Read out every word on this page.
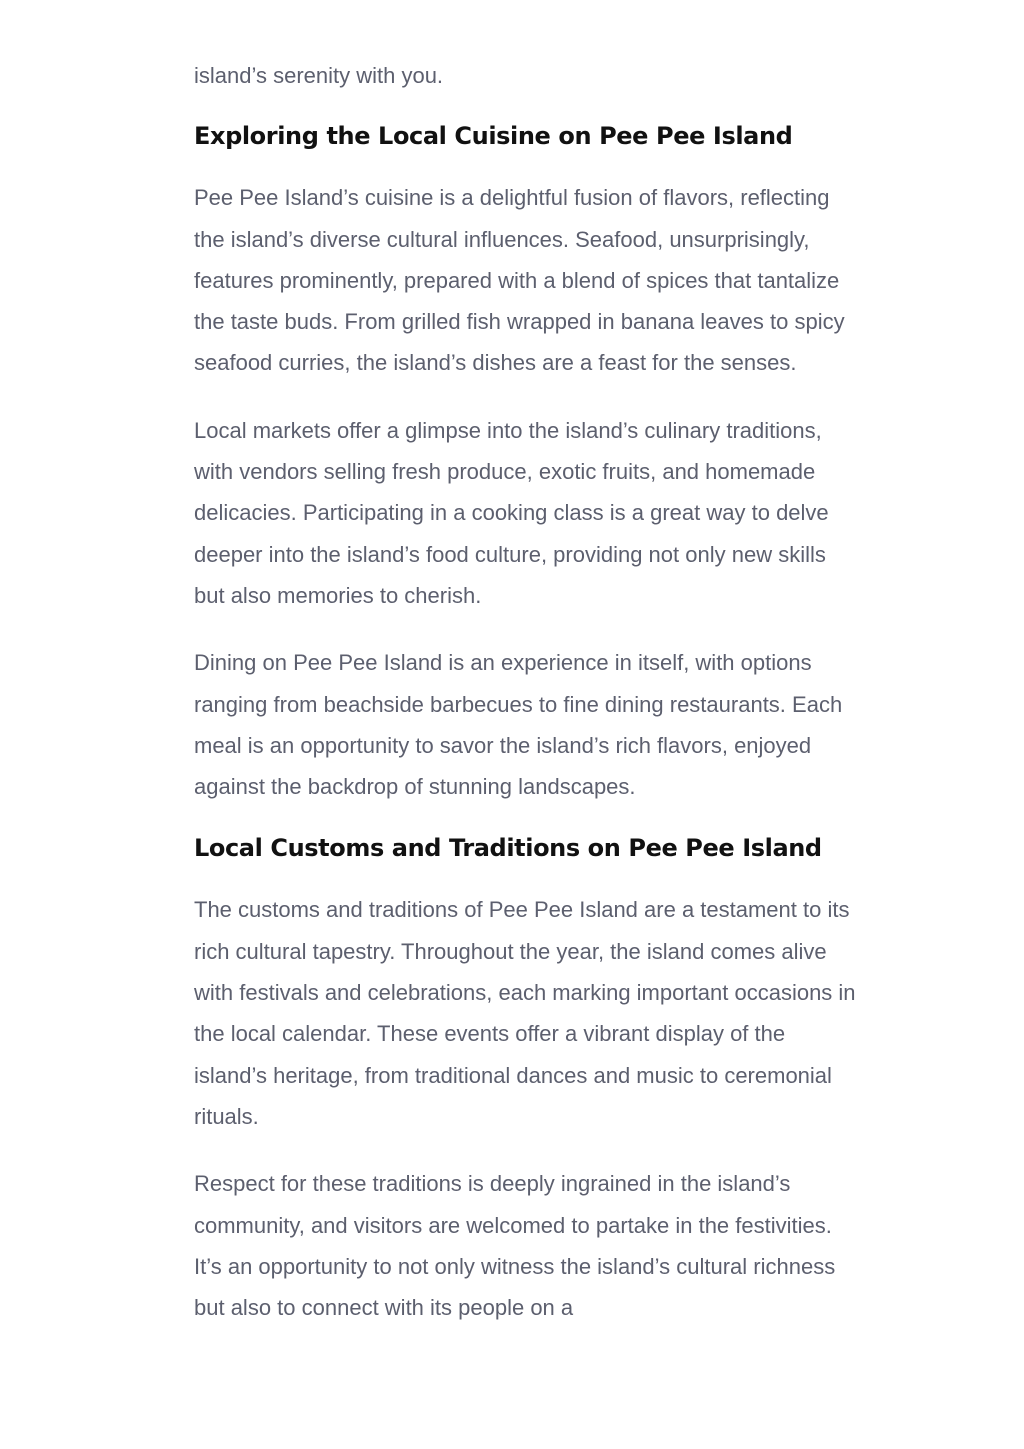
island’s serenity with you.

Exploring the Local Cuisine on Pee Pee Island

Pee Pee Island’s cuisine is a delightful fusion of flavors, reflecting the island’s diverse cultural influences. Seafood, unsurprisingly, features prominently, prepared with a blend of spices that tantalize the taste buds. From grilled fish wrapped in banana leaves to spicy seafood curries, the island’s dishes are a feast for the senses.

Local markets offer a glimpse into the island’s culinary traditions, with vendors selling fresh produce, exotic fruits, and homemade delicacies. Participating in a cooking class is a great way to delve deeper into the island’s food culture, providing not only new skills but also memories to cherish.

Dining on Pee Pee Island is an experience in itself, with options ranging from beachside barbecues to fine dining restaurants. Each meal is an opportunity to savor the island’s rich flavors, enjoyed against the backdrop of stunning landscapes.

Local Customs and Traditions on Pee Pee Island

The customs and traditions of Pee Pee Island are a testament to its rich cultural tapestry. Throughout the year, the island comes alive with festivals and celebrations, each marking important occasions in the local calendar. These events offer a vibrant display of the island’s heritage, from traditional dances and music to ceremonial rituals.

Respect for these traditions is deeply ingrained in the island’s community, and visitors are welcomed to partake in the festivities. It’s an opportunity to not only witness the island’s cultural richness but also to connect with its people on a
